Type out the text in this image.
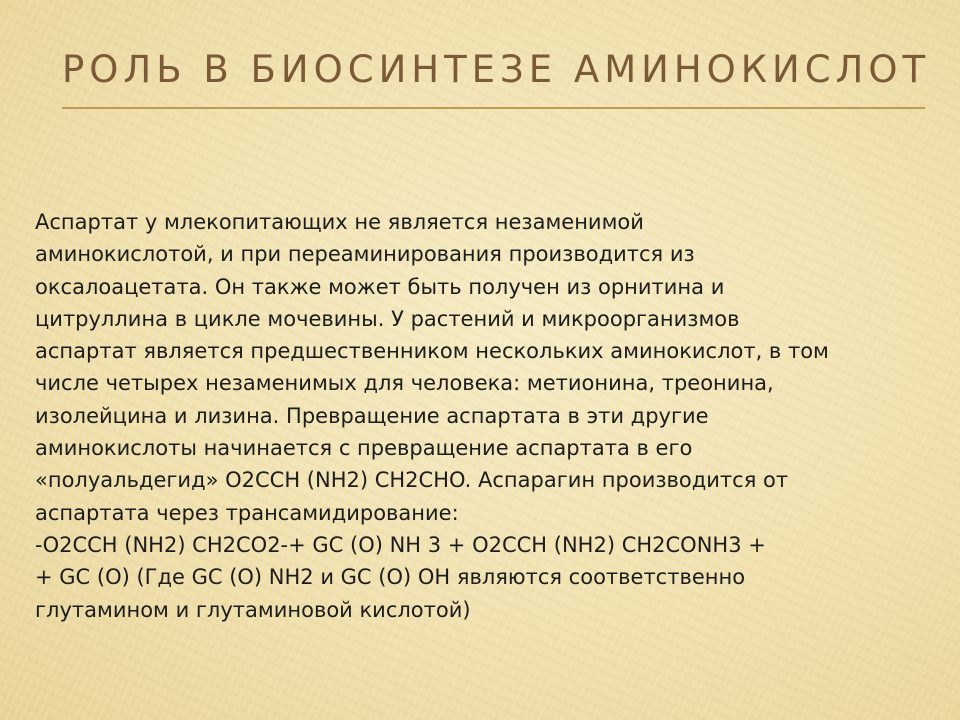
РОЛЬ В БИОСИНТЕЗЕ АМИНОКИСЛОТ

Аспартат у млекопитающих не является незаменимой
аминокислотой, и при переаминирования производится из
оксалоацетата. Он также может быть получен из орнитина и
цитруллина в цикле мочевины. У растений и микроорганизмов
аспартат является предшественником нескольких аминокислот, в том
числе четырех незаменимых для человека: метионина, треонина,
изолейцина и лизина. Превращение аспартата в эти другие
аминокислоты начинается с превращение аспартата в его
«полуальдегид» O2CCH (NH2) CH2CHO. Аспарагин производится от
аспартата через трансамидирование:
-O2CCH (NH2) CH2CO2-+ GC (O) NH 3 + O2CCH (NH2) CH2CONH3 +
+ GC (O) (Где GC (O) NH2 и GC (O) OH являются соответственно
глутамином и глутаминовой кислотой)
